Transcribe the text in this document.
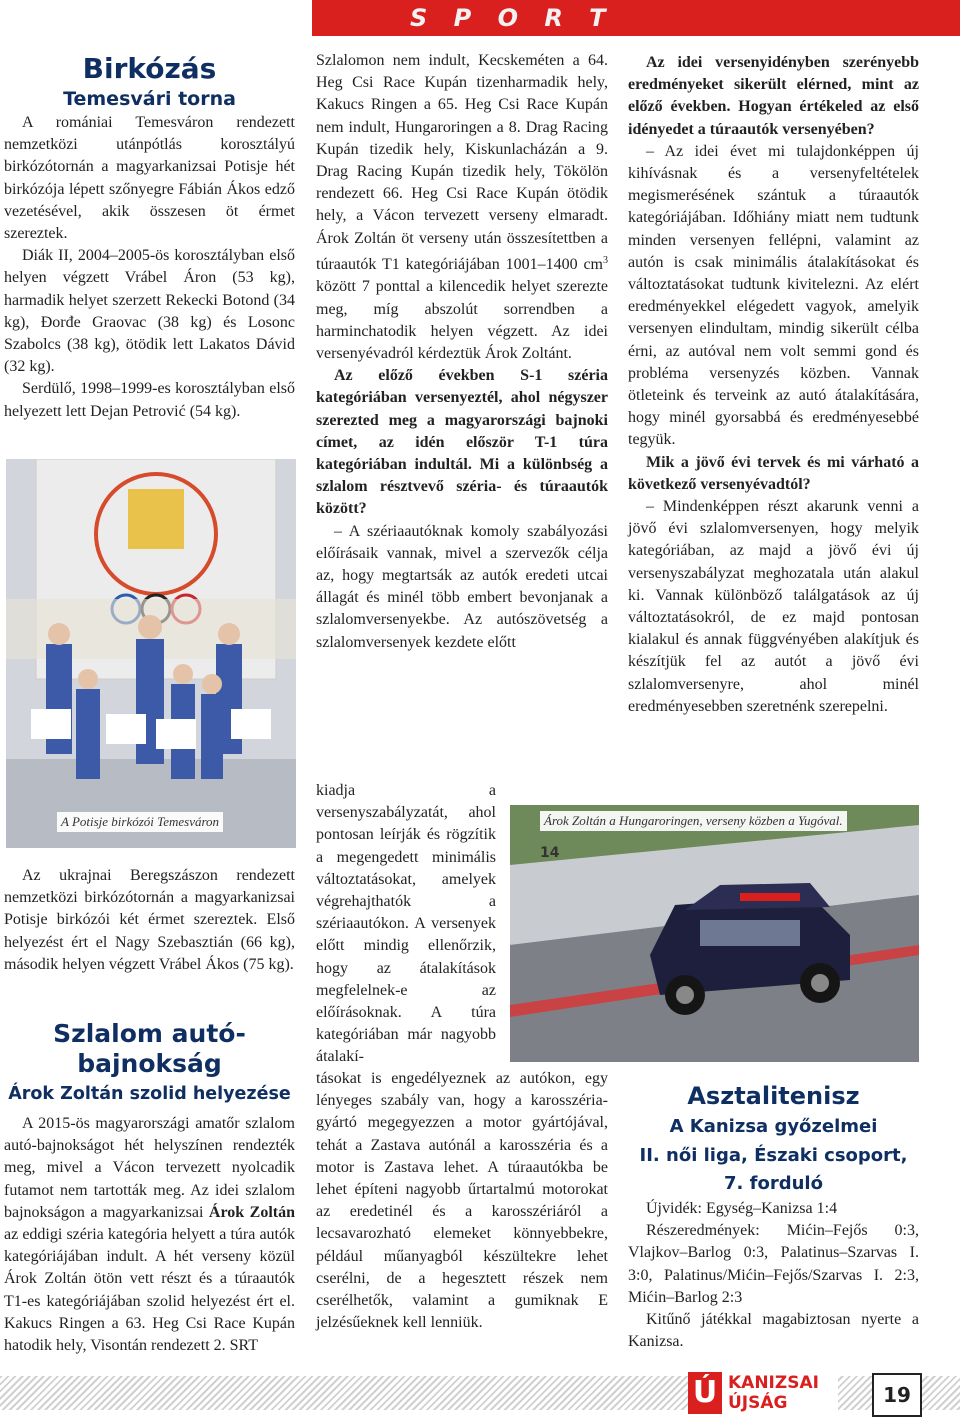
S P O R T
Birkózás
Temesvári torna

A romániai Temesváron rendezett nemzetközi utánpótlás korosztályú birkózótornán a magyarkanizsai Potisje hét birkózója lépett szőnyegre Fábián Ákos edző vezetésével, akik összesen öt érmet szereztek.

Diák II, 2004–2005-ös korosztályban első helyen végzett Vrábel Áron (53 kg), harmadik helyet szerzett Rekecki Botond (34 kg), Đorđe Graovac (38 kg) és Losonc Szabolcs (38 kg), ötödik lett Lakatos Dávid (32 kg).

Serdülő, 1998–1999-es korosztályban első helyezett lett Dejan Petrović (54 kg).

A Potisje birkózói Temesváron

Az ukrajnai Beregszászon rendezett nemzetközi birkózótornán a magyarkanizsai Potisje birkózói két érmet szereztek. Első helyezést ért el Nagy Szebasztián (66 kg), második helyen végzett Vrábel Ákos (75 kg).

Szlalom autó-
bajnokság
Árok Zoltán szolid helyezése

A 2015-ös magyarországi amatőr szlalom autó-bajnokságot hét helyszínen rendezték meg, mivel a Vácon tervezett nyolcadik futamot nem tartották meg. Az idei szlalom bajnokságon a magyarkanizsai Árok Zoltán az eddigi széria kategória helyett a túra autók kategóriájában indult. A hét verseny közül Árok Zoltán ötön vett részt és a túraautók T1-es kategóriájában szolid helyezést ért el. Kakucs Ringen a 63. Heg Csi Race Kupán hatodik hely, Visontán rendezett 2. SRT

Szlalomon nem indult, Kecskeméten a 64. Heg Csi Race Kupán tizenharmadik hely, Kakucs Ringen a 65. Heg Csi Race Kupán nem indult, Hungaroringen a 8. Drag Racing Kupán tizedik hely, Kiskunlacházán a 9. Drag Racing Kupán tizedik hely, Tökölön rendezett 66. Heg Csi Race Kupán ötödik hely, a Vácon tervezett verseny elmaradt. Árok Zoltán öt verseny után összesítettben a túraautók T1 kategóriájában 1001–1400 $cm^3$ között 7 ponttal a kilencedik helyet szerezte meg, míg abszolút sorrendben a harminchatodik helyen végzett. Az idei versenyévadról kérdeztük Árok Zoltánt.

Az előző években S-1 széria kategóriában versenyeztél, ahol négyszer szerezted meg a magyarországi bajnoki címet, az idén először T-1 túra kategóriában indultál. Mi a különbség a szlalom résztvevő széria- és túraautók között?

– A szériaautóknak komoly szabályozási előírásaik vannak, mivel a szervezők célja az, hogy megtartsák az autók eredeti utcai állagát és minél több embert bevonjanak a szlalomversenyekbe. Az autószövetség a szlalomversenyek kezdete előtt

kiadja a versenyszabályzatát, ahol pontosan leírják és rögzítik a megengedett minimális változtatásokat, amelyek végrehajthatók a szériaautókon. A versenyek előtt mindig ellenőrzik, hogy az átalakítások megfelelnek-e az előírásoknak. A túra kategóriában már nagyobb átalakí-

tásokat is engedélyeznek az autókon, egy lényeges szabály van, hogy a karosszéria-gyártó megegyezzen a motor gyártójával, tehát a Zastava autónál a karosszéria és a motor is Zastava lehet. A túraautókba be lehet építeni nagyobb űrtartalmú motorokat az eredetinél és a karosszériáról a lecsavarozható elemeket könnyebbekre, például műanyagból készültekre lehet cserélni, de a hegesztett részek nem cserélhetők, valamint a gumiknak E jelzésűeknek kell lenniük.

Az idei versenyidényben szerényebb eredményeket sikerült elérned, mint az előző években. Hogyan értékeled az első idényedet a túraautók versenyében?

– Az idei évet mi tulajdonképpen új kihívásnak és a versenyfeltételek megismerésének szántuk a túraautók kategóriájában. Időhiány miatt nem tudtunk minden versenyen fellépni, valamint az autón is csak minimális átalakításokat és változtatásokat tudtunk kivitelezni. Az elért eredményekkel elégedett vagyok, amelyik versenyen elindultam, mindig sikerült célba érni, az autóval nem volt semmi gond és probléma versenyzés közben. Vannak ötleteink és terveink az autó átalakítására, hogy minél gyorsabbá és eredményesebbé tegyük.

Mik a jövő évi tervek és mi várható a következő versenyévadtól?

– Mindenképpen részt akarunk venni a jövő évi szlalomversenyen, hogy melyik kategóriában, az majd a jövő évi új versenyszabályzat meghozatala után alakul ki. Vannak különböző találgatások az új változtatásokról, de ez majd pontosan kialakul és annak függvényében alakítjuk és készítjük fel az autót a jövő évi szlalomversenyre, ahol minél eredményesebben szeretnénk szerepelni.

14
Árok Zoltán a Hungaroringen, verseny közben a Yugóval.
Asztalitenisz
A Kanizsa győzelmei
II. női liga, Északi csoport, 7. forduló

Újvidék: Egység–Kanizsa 1:4

Részeredmények: Mićin–Fejős 0:3, Vlajkov–Barlog 0:3, Palatinus–Szarvas I. 3:0, Palatinus/Mićin–Fejős/Szarvas I. 2:3, Mićin–Barlog 2:3

Kitűnő játékkal magabiztosan nyerte a Kanizsa.

Ú KANIZSAI
ÚJSÁG	19
